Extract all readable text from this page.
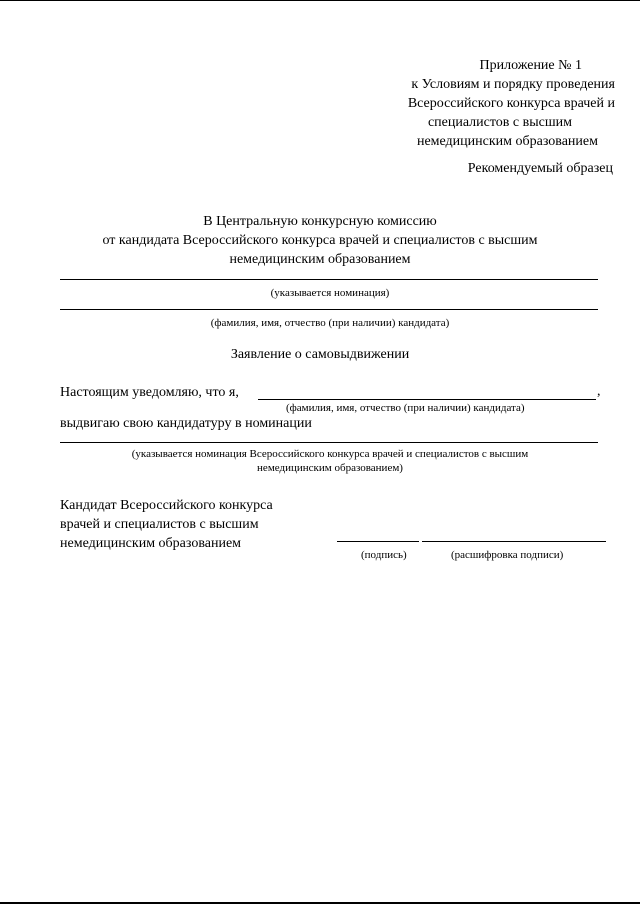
Приложение № 1
к Условиям и порядку проведения
Всероссийского конкурса врачей и
специалистов с высшим
немедицинским образованием
Рекомендуемый образец
В Центральную конкурсную комиссию
от кандидата Всероссийского конкурса врачей и специалистов с высшим
немедицинским образованием
(указывается номинация)
(фамилия, имя, отчество (при наличии) кандидата)
Заявление о самовыдвижении
Настоящим уведомляю, что я,	,
(фамилия, имя, отчество (при наличии) кандидата)
выдвигаю свою кандидатуру в номинации
(указывается номинация Всероссийского конкурса врачей и специалистов с высшим
немедицинским образованием)
Кандидат Всероссийского конкурса
врачей и специалистов с высшим
немедицинским образованием
(подпись)	(расшифровка подписи)
